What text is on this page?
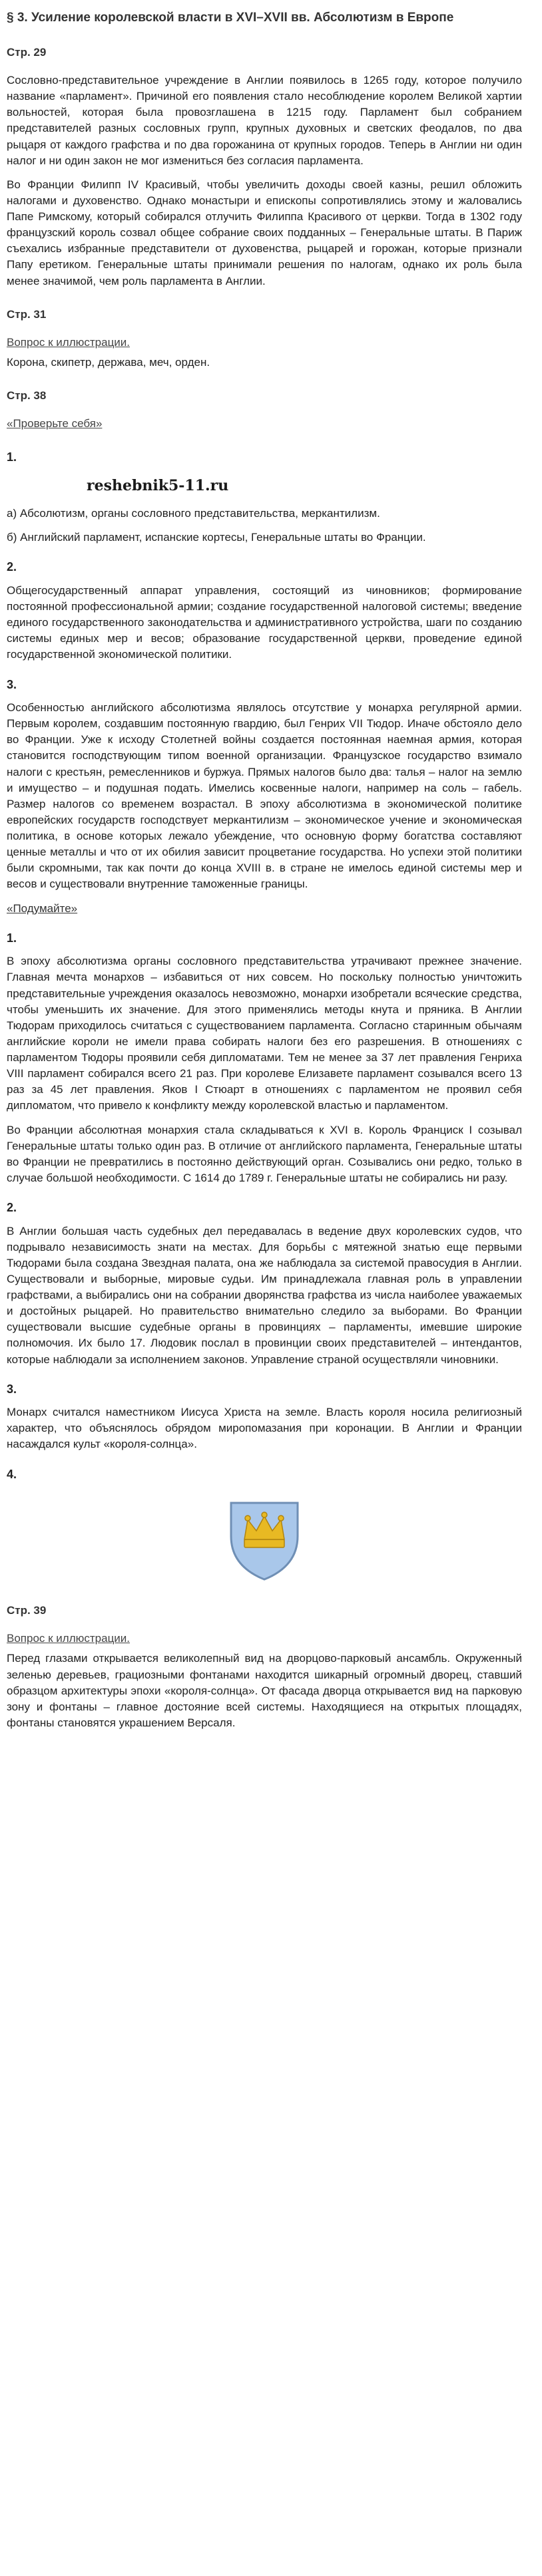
§ 3. Усиление королевской власти в XVI–XVII вв. Абсолютизм в Европе
Стр. 29

Сословно-представительное учреждение в Англии появилось в 1265 году, которое получило название «парламент». Причиной его появления стало несоблюдение королем Великой хартии вольностей, которая была провозглашена в 1215 году. Парламент был собранием представителей разных сословных групп, крупных духовных и светских феодалов, по два рыцаря от каждого графства и по два горожанина от крупных городов. Теперь в Англии ни один налог и ни один закон не мог измениться без согласия парламента.

Во Франции Филипп IV Красивый, чтобы увеличить доходы своей казны, решил обложить налогами и духовенство. Однако монастыри и епископы сопротивлялись этому и жаловались Папе Римскому, который собирался отлучить Филиппа Красивого от церкви. Тогда в 1302 году французский король созвал общее собрание своих подданных – Генеральные штаты. В Париж съехались избранные представители от духовенства, рыцарей и горожан, которые признали Папу еретиком. Генеральные штаты принимали решения по налогам, однако их роль была менее значимой, чем роль парламента в Англии.

Стр. 31
Вопрос к иллюстрации.

Корона, скипетр, держава, меч, орден.

Стр. 38
«Проверьте себя»
1.
reshebnik5-11.ru

а) Абсолютизм, органы сословного представительства, меркантилизм.

б) Английский парламент, испанские кортесы, Генеральные штаты во Франции.

2.

Общегосударственный аппарат управления, состоящий из чиновников; формирование постоянной профессиональной армии; создание государственной налоговой системы; введение единого государственного законодательства и административного устройства, шаги по созданию системы единых мер и весов; образование государственной церкви, проведение единой государственной экономической политики.

3.

Особенностью английского абсолютизма являлось отсутствие у монарха регулярной армии. Первым королем, создавшим постоянную гвардию, был Генрих VII Тюдор. Иначе обстояло дело во Франции. Уже к исходу Столетней войны создается постоянная наемная армия, которая становится господствующим типом военной организации. Французское государство взимало налоги с крестьян, ремесленников и буржуа. Прямых налогов было два: талья – налог на землю и имущество – и подушная подать. Имелись косвенные налоги, например на соль – габель. Размер налогов со временем возрастал. В эпоху абсолютизма в экономической политике европейских государств господствует меркантилизм – экономическое учение и экономическая политика, в основе которых лежало убеждение, что основную форму богатства составляют ценные металлы и что от их обилия зависит процветание государства. Но успехи этой политики были скромными, так как почти до конца XVIII в. в стране не имелось единой системы мер и весов и существовали внутренние таможенные границы.

«Подумайте»
1.

В эпоху абсолютизма органы сословного представительства утрачивают прежнее значение. Главная мечта монархов – избавиться от них совсем. Но поскольку полностью уничтожить представительные учреждения оказалось невозможно, монархи изобретали всяческие средства, чтобы уменьшить их значение. Для этого применялись методы кнута и пряника. В Англии Тюдорам приходилось считаться с существованием парламента. Согласно старинным обычаям английские короли не имели права собирать налоги без его разрешения. В отношениях с парламентом Тюдоры проявили себя дипломатами. Тем не менее за 37 лет правления Генриха VIII парламент собирался всего 21 раз. При королеве Елизавете парламент созывался всего 13 раз за 45 лет правления. Яков I Стюарт в отношениях с парламентом не проявил себя дипломатом, что привело к конфликту между королевской властью и парламентом.

Во Франции абсолютная монархия стала складываться к XVI в. Король Франциск I созывал Генеральные штаты только один раз. В отличие от английского парламента, Генеральные штаты во Франции не превратились в постоянно действующий орган. Созывались они редко, только в случае большой необходимости. С 1614 до 1789 г. Генеральные штаты не собирались ни разу.

2.

В Англии большая часть судебных дел передавалась в ведение двух королевских судов, что подрывало независимость знати на местах. Для борьбы с мятежной знатью еще первыми Тюдорами была создана Звездная палата, она же наблюдала за системой правосудия в Англии. Существовали и выборные, мировые судьи. Им принадлежала главная роль в управлении графствами, а выбирались они на собрании дворянства графства из числа наиболее уважаемых и достойных рыцарей. Но правительство внимательно следило за выборами. Во Франции существовали высшие судебные органы в провинциях – парламенты, имевшие широкие полномочия. Их было 17. Людовик послал в провинции своих представителей – интендантов, которые наблюдали за исполнением законов. Управление страной осуществляли чиновники.

3.

Монарх считался наместником Иисуса Христа на земле. Власть короля носила религиозный характер, что объяснялось обрядом миропомазания при коронации. В Англии и Франции насаждался культ «короля-солнца».

4.
Стр. 39
Вопрос к иллюстрации.

Перед глазами открывается великолепный вид на дворцово-парковый ансамбль. Окруженный зеленью деревьев, грациозными фонтанами находится шикарный огромный дворец, ставший образцом архитектуры эпохи «короля-солнца». От фасада дворца открывается вид на парковую зону и фонтаны – главное достояние всей системы. Находящиеся на открытых площадях, фонтаны становятся украшением Версаля.
